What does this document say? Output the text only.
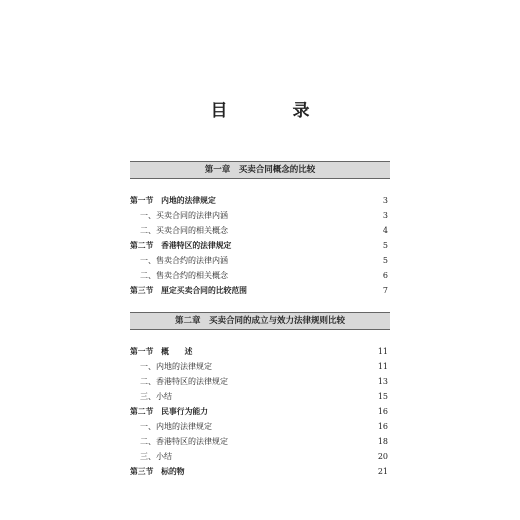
目　录
第一章　买卖合同概念的比较
第一节　内地的法律规定	3
一、买卖合同的法律内涵	3
二、买卖合同的相关概念	4
第二节　香港特区的法律规定	5
一、售卖合约的法律内涵	5
二、售卖合约的相关概念	6
第三节　厘定买卖合同的比较范围	7
第二章　买卖合同的成立与效力法律规则比较
第一节　概　　述	11
一、内地的法律规定	11
二、香港特区的法律规定	13
三、小结	15
第二节　民事行为能力	16
一、内地的法律规定	16
二、香港特区的法律规定	18
三、小结	20
第三节　标的物	21
